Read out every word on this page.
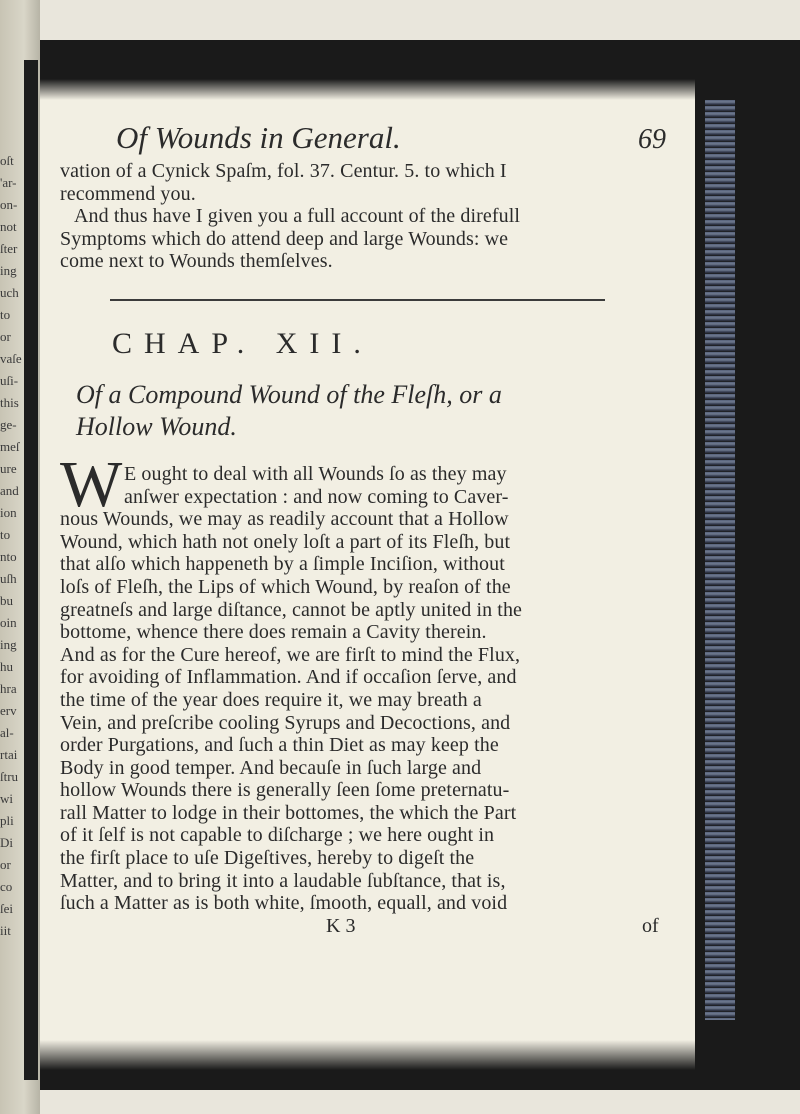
oſt
'ar-
on-
not
ſter
ing
uch
to
or
vaſe
uſi-
this
ge-
meſ
ure
and
ion
to
nto
uſh
bu
oin
ing
hu
hra
erv
al-
rtai
ſtru
wi
pli
Di
or
co
ſei
iit
Of Wounds in General.	69
vation of a Cynick Spaſm, fol. 37. Centur. 5. to which I
recommend you.
And thus have I given you a full account of the direfull
Symptoms which do attend deep and large Wounds: we
come next to Wounds themſelves.
CHAP. XII.
Of a Compound Wound of the Fleſh, or a
Hollow Wound.
W E ought to deal with all Wounds ſo as they may
anſwer expectation : and now coming to Caver-
nous Wounds, we may as readily account that a Hollow
Wound, which hath not onely loſt a part of its Fleſh, but
that alſo which happeneth by a ſimple Inciſion, without
loſs of Fleſh, the Lips of which Wound, by reaſon of the
greatneſs and large diſtance, cannot be aptly united in the
bottome, whence there does remain a Cavity therein.
And as for the Cure hereof, we are firſt to mind the Flux,
for avoiding of Inflammation. And if occaſion ſerve, and
the time of the year does require it, we may breath a
Vein, and preſcribe cooling Syrups and Decoctions, and
order Purgations, and ſuch a thin Diet as may keep the
Body in good temper. And becauſe in ſuch large and
hollow Wounds there is generally ſeen ſome preternatu-
rall Matter to lodge in their bottomes, the which the Part
of it ſelf is not capable to diſcharge ; we here ought in
the firſt place to uſe Digeſtives, hereby to digeſt the
Matter, and to bring it into a laudable ſubſtance, that is,
ſuch a Matter as is both white, ſmooth, equall, and void
K 3	of
